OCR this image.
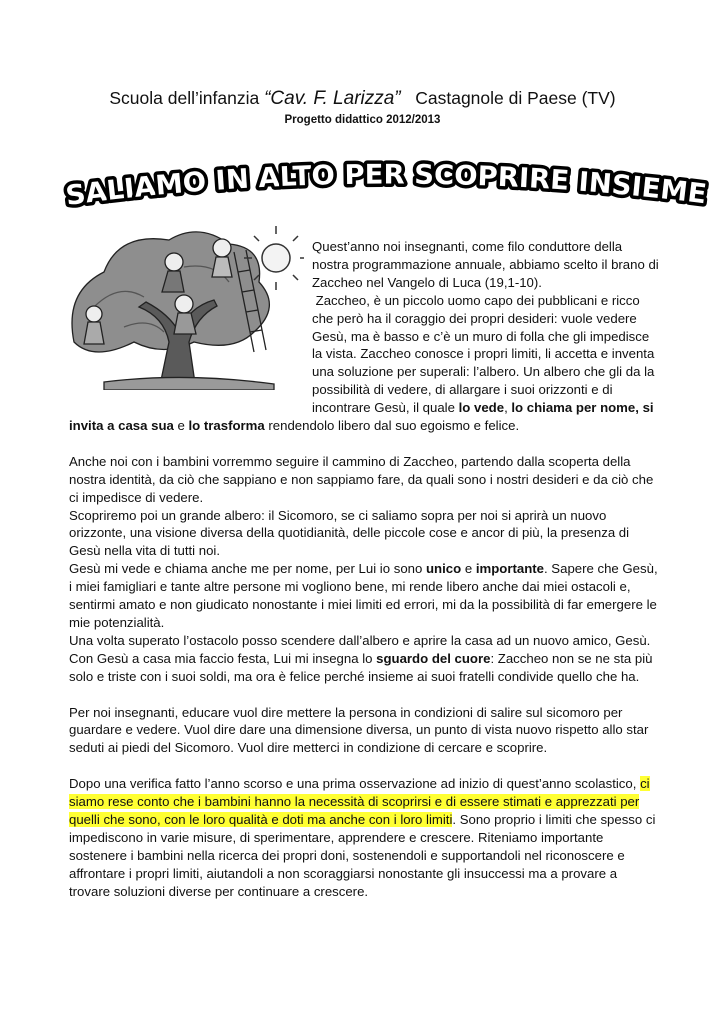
Scuola dell’infanzia “Cav. F. Larizza” Castagnole di Paese (TV)
Progetto didattico 2012/2013
SALIAMO IN ALTO PER SCOPRIRE INSIEME

Quest’anno noi insegnanti, come filo conduttore della nostra programmazione annuale, abbiamo scelto il brano di Zaccheo nel Vangelo di Luca (19,1-10).
Zaccheo, è un piccolo uomo capo dei pubblicani e ricco che però ha il coraggio dei propri desideri: vuole vedere Gesù, ma è basso e c’è un muro di folla che gli impedisce la vista. Zaccheo conosce i propri limiti, li accetta e inventa una soluzione per superali: l’albero. Un albero che gli da la possibilità di vedere, di allargare i suoi orizzonti e di incontrare Gesù, il quale lo vede, lo chiama per nome, si invita a casa sua e lo trasforma rendendolo libero dal suo egoismo e felice.

Anche noi con i bambini vorremmo seguire il cammino di Zaccheo, partendo dalla scoperta della nostra identità, da ciò che sappiano e non sappiamo fare, da quali sono i nostri desideri e da ciò che ci impedisce di vedere.

Scopriremo poi un grande albero: il Sicomoro, se ci saliamo sopra per noi si aprirà un nuovo orizzonte, una visione diversa della quotidianità, delle piccole cose e ancor di più, la presenza di Gesù nella vita di tutti noi.

Gesù mi vede e chiama anche me per nome, per Lui io sono unico e importante. Sapere che Gesù, i miei famigliari e tante altre persone mi vogliono bene, mi rende libero anche dai miei ostacoli e, sentirmi amato e non giudicato nonostante i miei limiti ed errori, mi da la possibilità di far emergere le mie potenzialità.

Una volta superato l’ostacolo posso scendere dall’albero e aprire la casa ad un nuovo amico, Gesù. Con Gesù a casa mia faccio festa, Lui mi insegna lo sguardo del cuore: Zaccheo non se ne sta più solo e triste con i suoi soldi, ma ora è felice perché insieme ai suoi fratelli condivide quello che ha.

Per noi insegnanti, educare vuol dire mettere la persona in condizioni di salire sul sicomoro per guardare e vedere. Vuol dire dare una dimensione diversa, un punto di vista nuovo rispetto allo star seduti ai piedi del Sicomoro. Vuol dire metterci in condizione di cercare e scoprire.

Dopo una verifica fatto l’anno scorso e una prima osservazione ad inizio di quest’anno scolastico, ci siamo rese conto che i bambini hanno la necessità di scoprirsi e di essere stimati e apprezzati per quelli che sono, con le loro qualità e doti ma anche con i loro limiti. Sono proprio i limiti che spesso ci impediscono in varie misure, di sperimentare, apprendere e crescere. Riteniamo importante sostenere i bambini nella ricerca dei propri doni, sostenendoli e supportandoli nel riconoscere e affrontare i propri limiti, aiutandoli a non scoraggiarsi nonostante gli insuccessi ma a provare a trovare soluzioni diverse per continuare a crescere.
